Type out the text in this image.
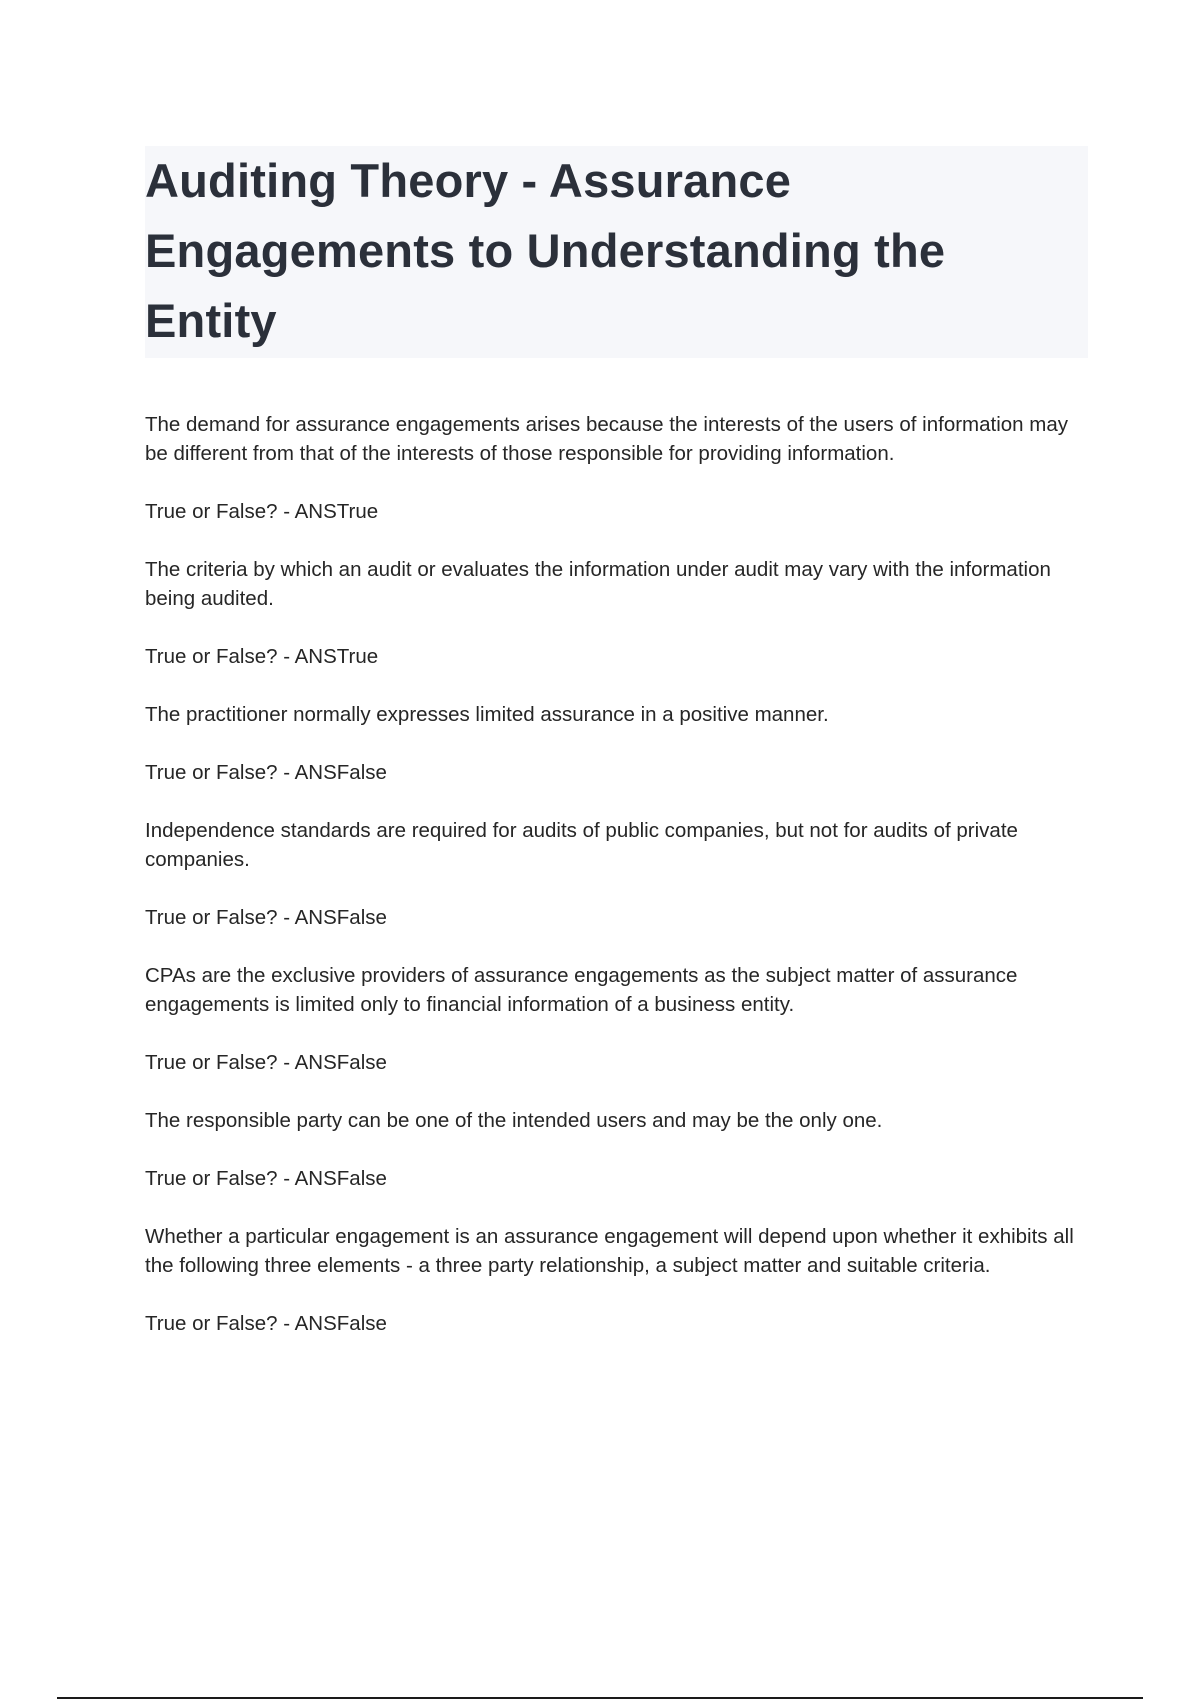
Auditing Theory - Assurance Engagements to Understanding the Entity

The demand for assurance engagements arises because the interests of the users of information may be different from that of the interests of those responsible for providing information.

True or False? - ANSTrue

The criteria by which an audit or evaluates the information under audit may vary with the information being audited.

True or False? - ANSTrue

The practitioner normally expresses limited assurance in a positive manner.

True or False? - ANSFalse

Independence standards are required for audits of public companies, but not for audits of private companies.

True or False? - ANSFalse

CPAs are the exclusive providers of assurance engagements as the subject matter of assurance engagements is limited only to financial information of a business entity.

True or False? - ANSFalse

The responsible party can be one of the intended users and may be the only one.

True or False? - ANSFalse

Whether a particular engagement is an assurance engagement will depend upon whether it exhibits all the following three elements - a three party relationship, a subject matter and suitable criteria.

True or False? - ANSFalse
